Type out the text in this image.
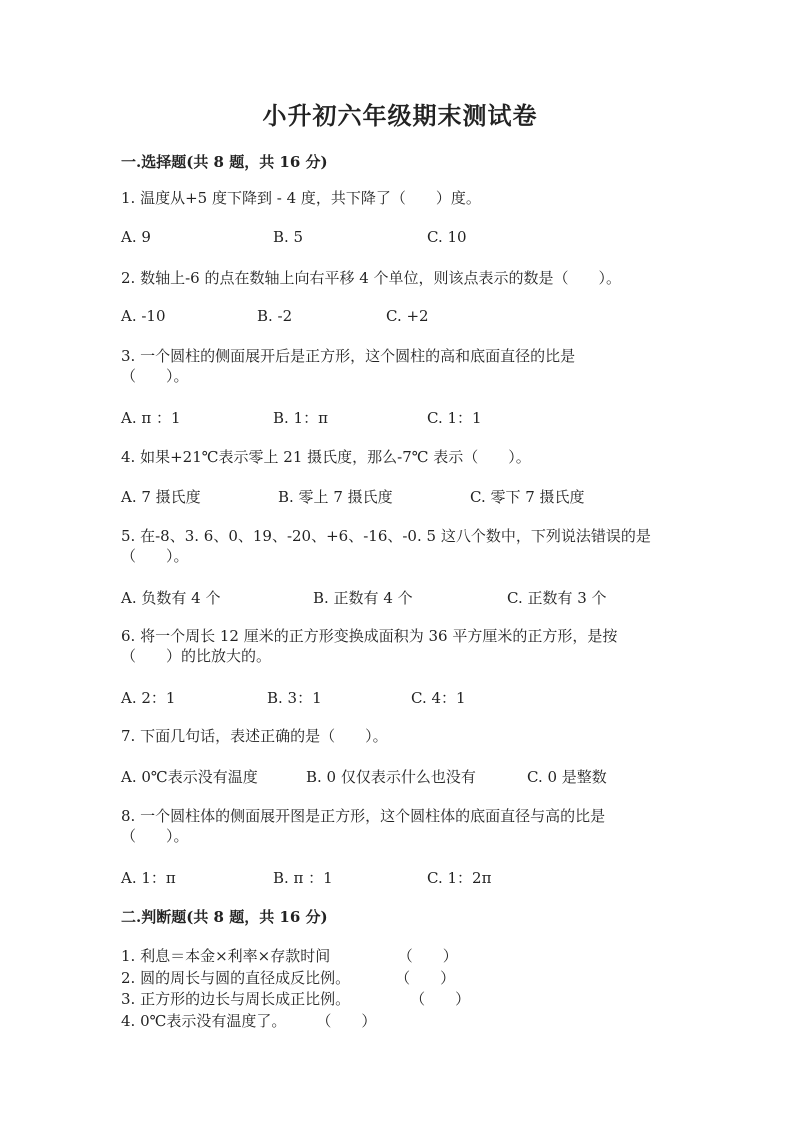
小升初六年级期末测试卷
一.选择题(共 8 题，共 16 分)
1. 温度从+5 度下降到 - 4 度，共下降了（　　）度。
A. 9	B. 5	C. 10
2. 数轴上-6 的点在数轴上向右平移 4 个单位，则该点表示的数是（　　）。
A. -10	B. -2	C. +2
3. 一个圆柱的侧面展开后是正方形，这个圆柱的高和底面直径的比是
（　　）。
A. π ：1	B. 1：π	C. 1：1
4. 如果+21℃表示零上 21 摄氏度，那么-7℃ 表示（　　）。
A. 7 摄氏度	B. 零上 7 摄氏度	C. 零下 7 摄氏度
5. 在-8、3. 6、0、19、-20、+6、-16、-0. 5 这八个数中，下列说法错误的是
（　　）。
A. 负数有 4 个	B. 正数有 4 个	C. 正数有 3 个
6. 将一个周长 12 厘米的正方形变换成面积为 36 平方厘米的正方形，是按
（　　）的比放大的。
A. 2：1	B. 3：1	C. 4：1
7. 下面几句话，表述正确的是（　　）。
A. 0℃表示没有温度	B. 0 仅仅表示什么也没有	C. 0 是整数
8. 一个圆柱体的侧面展开图是正方形，这个圆柱体的底面直径与高的比是
（　　）。
A. 1：π	B. π ：1	C. 1：2π
二.判断题(共 8 题，共 16 分)
1. 利息＝本金×利率×存款时间　　　　　（　　）
2. 圆的周长与圆的直径成反比例。　　　　（　　）
3. 正方形的边长与周长成正比例。　　　　　（　　）
4. 0℃表示没有温度了。　　　（　　）
